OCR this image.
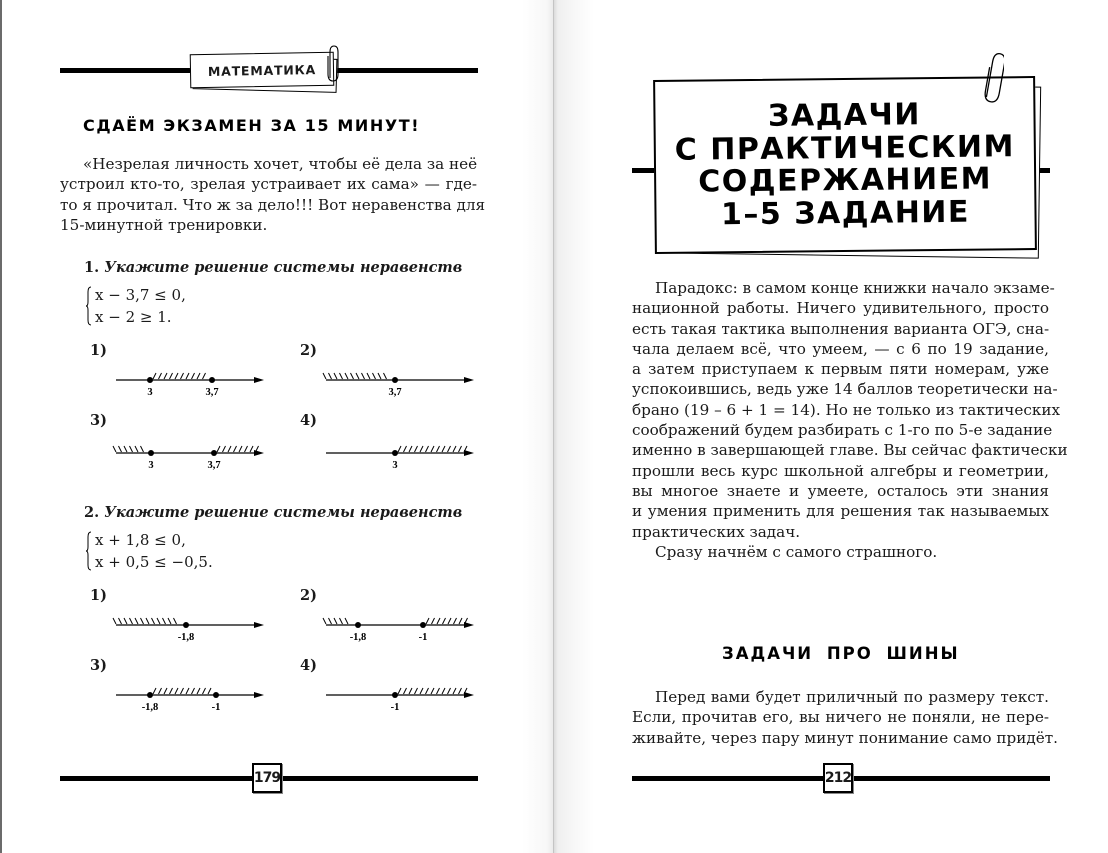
МАТЕМАТИКА
СДАЁМ ЭКЗАМЕН ЗА 15 МИНУТ!
«Незрелая личность хочет, чтобы её дела за неё
устроил кто-то, зрелая устраивает их сама» — где-
то я прочитал. Что ж за дело!!! Вот неравенства для
15-минутной тренировки.
1. Укажите решение системы неравенств
x − 3,7 ≤ 0,
x − 2 ≥ 1.
1)	2)
3)	4)
3	3,7	3,7
3	3,7	3
2. Укажите решение системы неравенств
x + 1,8 ≤ 0,
x + 0,5 ≤ −0,5.
1)	2)
3)	4)
-1,8	-1,8	-1
-1,8	-1	-1
179
ЗАДАЧИ
С ПРАКТИЧЕСКИМ
СОДЕРЖАНИЕМ
1–5 ЗАДАНИЕ
Парадокс: в самом конце книжки начало экзаме-
национной работы. Ничего удивительного, просто
есть такая тактика выполнения варианта ОГЭ, сна-
чала делаем всё, что умеем, — с 6 по 19 задание,
а затем приступаем к первым пяти номерам, уже
успокоившись, ведь уже 14 баллов теоретически на-
брано (19 – 6 + 1 = 14). Но не только из тактических
соображений будем разбирать с 1-го по 5-е задание
именно в завершающей главе. Вы сейчас фактически
прошли весь курс школьной алгебры и геометрии,
вы многое знаете и умеете, осталось эти знания
и умения применить для решения так называемых
практических задач.
Сразу начнём с самого страшного.
ЗАДАЧИ ПРО ШИНЫ
Перед вами будет приличный по размеру текст.
Если, прочитав его, вы ничего не поняли, не пере-
живайте, через пару минут понимание само придёт.
212
